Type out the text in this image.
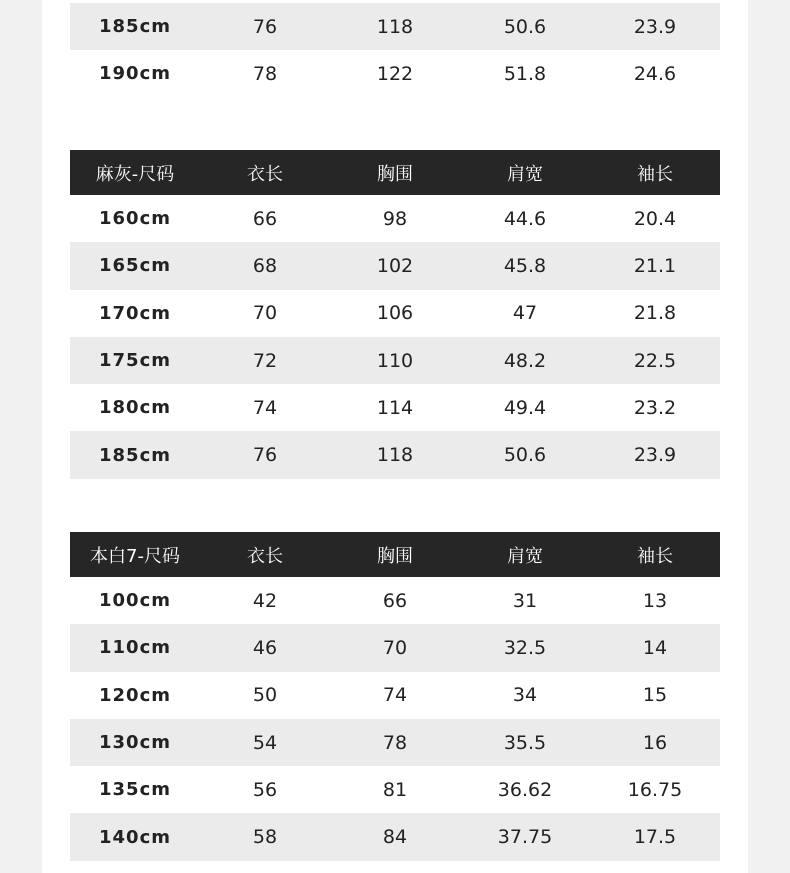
185cm	76	118	50.6	23.9
190cm	78	122	51.8	24.6
麻灰-尺码	衣长	胸围	肩宽	袖长
160cm	66	98	44.6	20.4
165cm	68	102	45.8	21.1
170cm	70	106	47	21.8
175cm	72	110	48.2	22.5
180cm	74	114	49.4	23.2
185cm	76	118	50.6	23.9
本白7-尺码	衣长	胸围	肩宽	袖长
100cm	42	66	31	13
110cm	46	70	32.5	14
120cm	50	74	34	15
130cm	54	78	35.5	16
135cm	56	81	36.62	16.75
140cm	58	84	37.75	17.5
